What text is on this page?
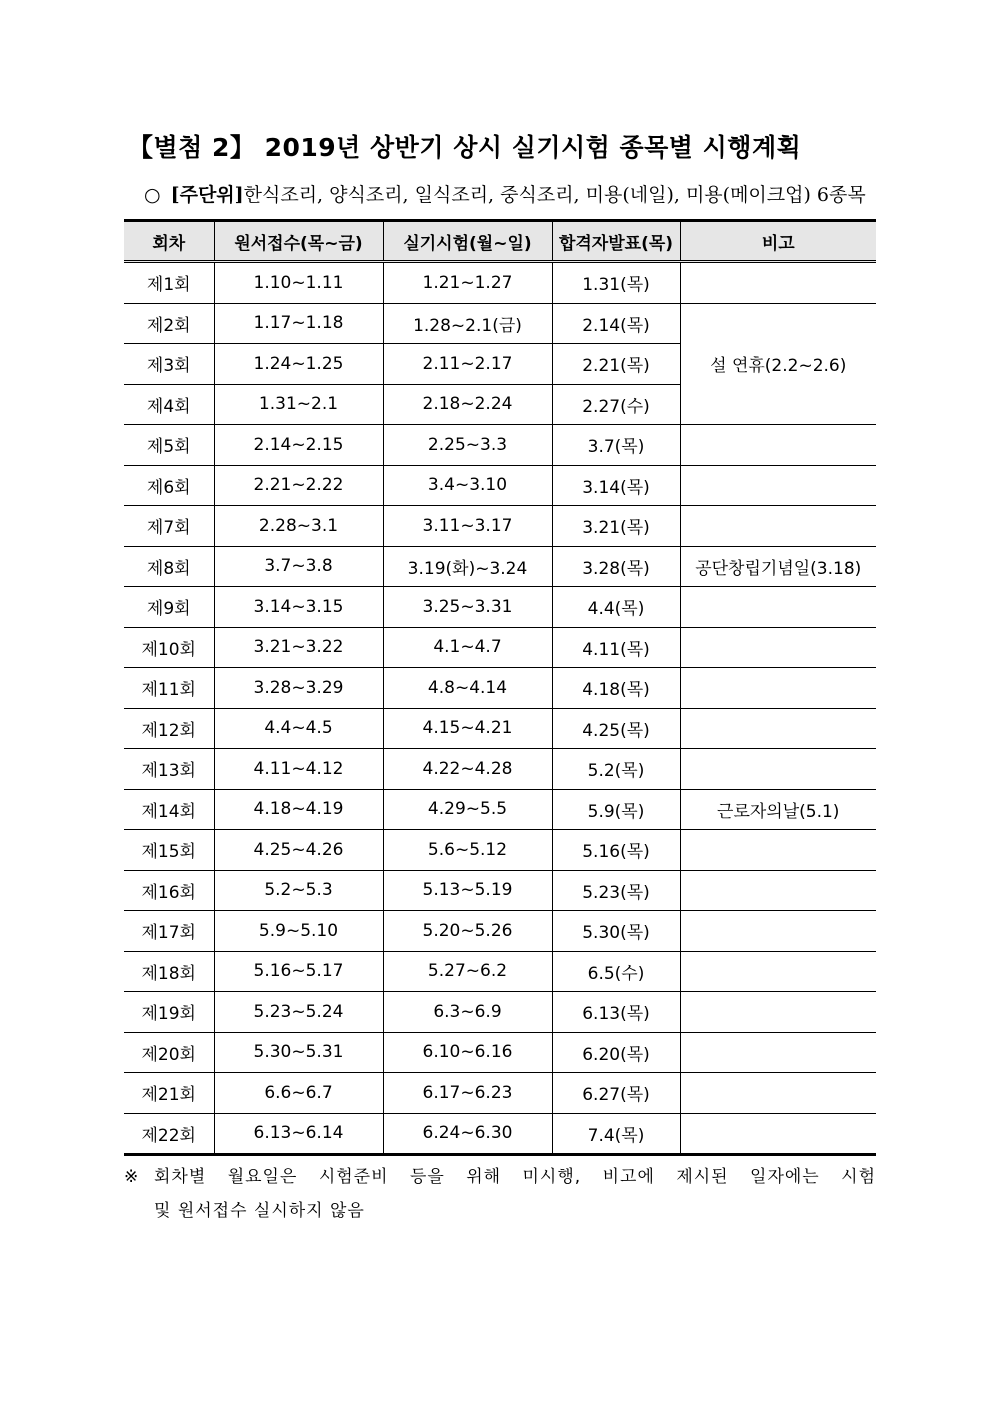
【별첨 2】 2019년 상반기 상시 실기시험 종목별 시행계획
○ [주단위]한식조리, 양식조리, 일식조리, 중식조리, 미용(네일), 미용(메이크업) 6종목
회차	원서접수(목~금)	실기시험(월~일)	합격자발표(목)	비고
제1회	1.10~1.11	1.21~1.27	1.31(목)	
제2회	1.17~1.18	1.28~2.1(금)	2.14(목)	설 연휴(2.2~2.6)
제3회	1.24~1.25	2.11~2.17	2.21(목)	
제4회	1.31~2.1	2.18~2.24	2.27(수)	
제5회	2.14~2.15	2.25~3.3	3.7(목)	
제6회	2.21~2.22	3.4~3.10	3.14(목)	
제7회	2.28~3.1	3.11~3.17	3.21(목)	
제8회	3.7~3.8	3.19(화)~3.24	3.28(목)	공단창립기념일(3.18)
제9회	3.14~3.15	3.25~3.31	4.4(목)	
제10회	3.21~3.22	4.1~4.7	4.11(목)	
제11회	3.28~3.29	4.8~4.14	4.18(목)	
제12회	4.4~4.5	4.15~4.21	4.25(목)	
제13회	4.11~4.12	4.22~4.28	5.2(목)	
제14회	4.18~4.19	4.29~5.5	5.9(목)	근로자의날(5.1)
제15회	4.25~4.26	5.6~5.12	5.16(목)	
제16회	5.2~5.3	5.13~5.19	5.23(목)	
제17회	5.9~5.10	5.20~5.26	5.30(목)	
제18회	5.16~5.17	5.27~6.2	6.5(수)	
제19회	5.23~5.24	6.3~6.9	6.13(목)	
제20회	5.30~5.31	6.10~6.16	6.20(목)	
제21회	6.6~6.7	6.17~6.23	6.27(목)	
제22회	6.13~6.14	6.24~6.30	7.4(목)	
※ 회차별 월요일은 시험준비 등을 위해 미시행, 비고에 제시된 일자에는 시험
및 원서접수 실시하지 않음
